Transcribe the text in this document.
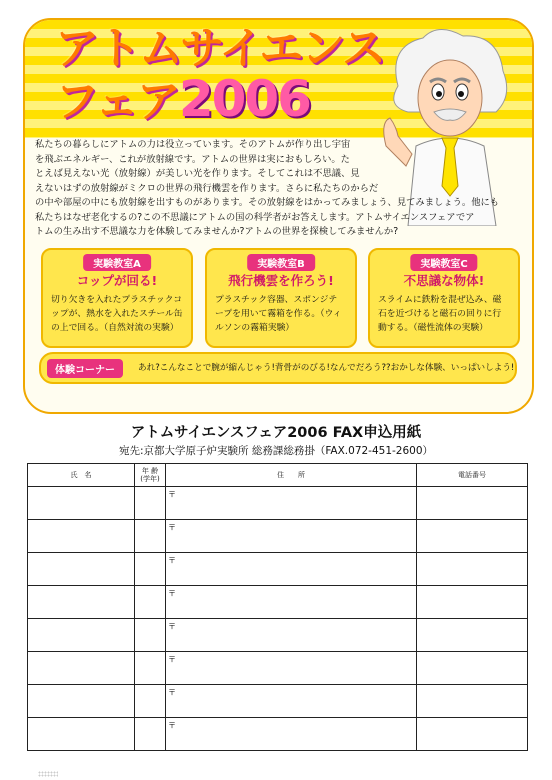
アトムサイエンス
フェア2006

私たちの暮らしにアトムの力は役立っています。そのアトムが作り出し宇宙

を飛ぶエネルギー、これが放射線です。アトムの世界は実におもしろい。た

とえば見えない光（放射線）が美しい光を作ります。そしてこれは不思議、見

えないはずの放射線がミクロの世界の飛行機雲を作ります。さらに私たちのからだ

の中や部屋の中にも放射線を出すものがあります。その放射線をはかってみましょう、見てみましょう。他にも

私たちはなぜ老化するの?この不思議にアトムの国の科学者がお答えします。アトムサイエンスフェアでア

トムの生み出す不思議な力を体験してみませんか?アトムの世界を探検してみませんか?

実験教室A
コップが回る!
切り欠きを入れたプラスチックコ
ップが、熱水を入れたスチール缶
の上で回る。（自然対流の実験）
実験教室B
飛行機雲を作ろう!
プラスチック容器、スポンジテ
ープを用いて霧箱を作る。（ウィ
ルソンの霧箱実験）
実験教室C
不思議な物体!
スライムに鉄粉を混ぜ込み、磁
石を近づけると磁石の回りに行
動する。（磁性流体の実験）
体験コーナー	あれ?こんなことで腕が縮んじゃう!背骨がのびる!なんでだろう??おかしな体験、いっぱいしよう!
アトムサイエンスフェア2006 FAX申込用紙
宛先:京都大学原子炉実験所 総務課総務掛（FAX.072-451-2600）
氏　名	年 齢
(学年)	住　　所	電話番号

		〒	

		〒	

		〒	

		〒	

		〒	

		〒	

		〒	

		〒	
